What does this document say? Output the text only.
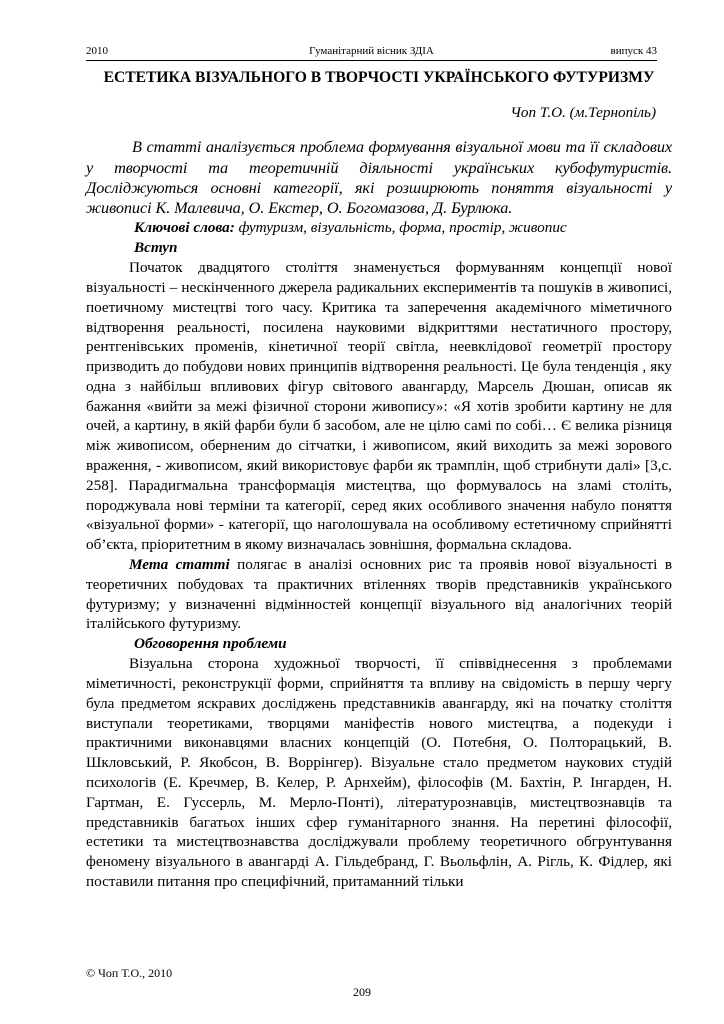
2010	Гуманітарний вісник ЗДІА	випуск 43
ЕСТЕТИКА ВІЗУАЛЬНОГО В ТВОРЧОСТІ УКРАЇНСЬКОГО ФУТУРИЗМУ
Чоп Т.О. (м.Тернопіль)

В статті аналізується проблема формування візуальної мови та її складових у творчості та теоретичній діяльності українських кубофутуристів. Досліджуються основні категорії, які розширюють поняття візуальності у живописі К. Малевича, О. Екстер, О. Богомазова, Д. Бурлюка.

Ключові слова: футуризм, візуальність, форма, простір, живопис

Вступ

Початок двадцятого століття знаменується формуванням концепції нової візуальності – нескінченного джерела радикальних експериментів та пошуків в живописі, поетичному мистецтві того часу. Критика та заперечення академічного міметичного відтворення реальності, посилена науковими відкриттями нестатичного простору, рентгенівських променів, кінетичної теорії світла, неевклідової геометрії простору призводить до побудови нових принципів відтворення реальності. Це була тенденція , яку одна з найбільш впливових фігур світового авангарду, Марсель Дюшан, описав як бажання «вийти за межі фізичної сторони живопису»: «Я хотів зробити картину не для очей, а картину, в якій фарби були б засобом, але не цілю самі по собі… Є велика різниця між живописом, оберненим до сітчатки, і живописом, який виходить за межі зорового враження, - живописом, який використовує фарби як трамплін, щоб стрибнути далі» [3,с. 258]. Парадигмальна трансформація мистецтва, що формувалось на зламі століть, породжувала нові терміни та категорії, серед яких особливого значення набуло поняття «візуальної форми» - категорії, що наголошувала на особливому естетичному сприйнятті об’єкта, пріоритетним в якому визначалась зовнішня, формальна складова.

Мета статті полягає в аналізі основних рис та проявів нової візуальності в теоретичних побудовах та практичних втіленнях творів представників українського футуризму; у визначенні відмінностей концепції візуального від аналогічних теорій італійського футуризму.

Обговорення проблеми

Візуальна сторона художньої творчості, її співвіднесення з проблемами міметичності, реконструкції форми, сприйняття та впливу на свідомість в першу чергу була предметом яскравих досліджень представників авангарду, які на початку століття виступали теоретиками, творцями маніфестів нового мистецтва, а подекуди і практичними виконавцями власних концепцій (О. Потебня, О. Полторацький, В. Шкловський, Р. Якобсон, В. Воррінгер). Візуальне стало предметом наукових студій психологів (Е. Кречмер, В. Келер, Р. Арнхейм), філософів (М. Бахтін, Р. Інгарден, Н. Гартман, Е. Гуссерль, М. Мерло-Понті), літературознавців, мистецтвознавців та представників багатьох інших сфер гуманітарного знання. На перетині філософії, естетики та мистецтвознавства досліджували проблему теоретичного обгрунтування феномену візуального в авангарді А. Гільдебранд, Г. Вьольфлін, А. Рігль, К. Фідлер, які поставили питання про специфічний, притаманний тільки

© Чоп Т.О., 2010
209
